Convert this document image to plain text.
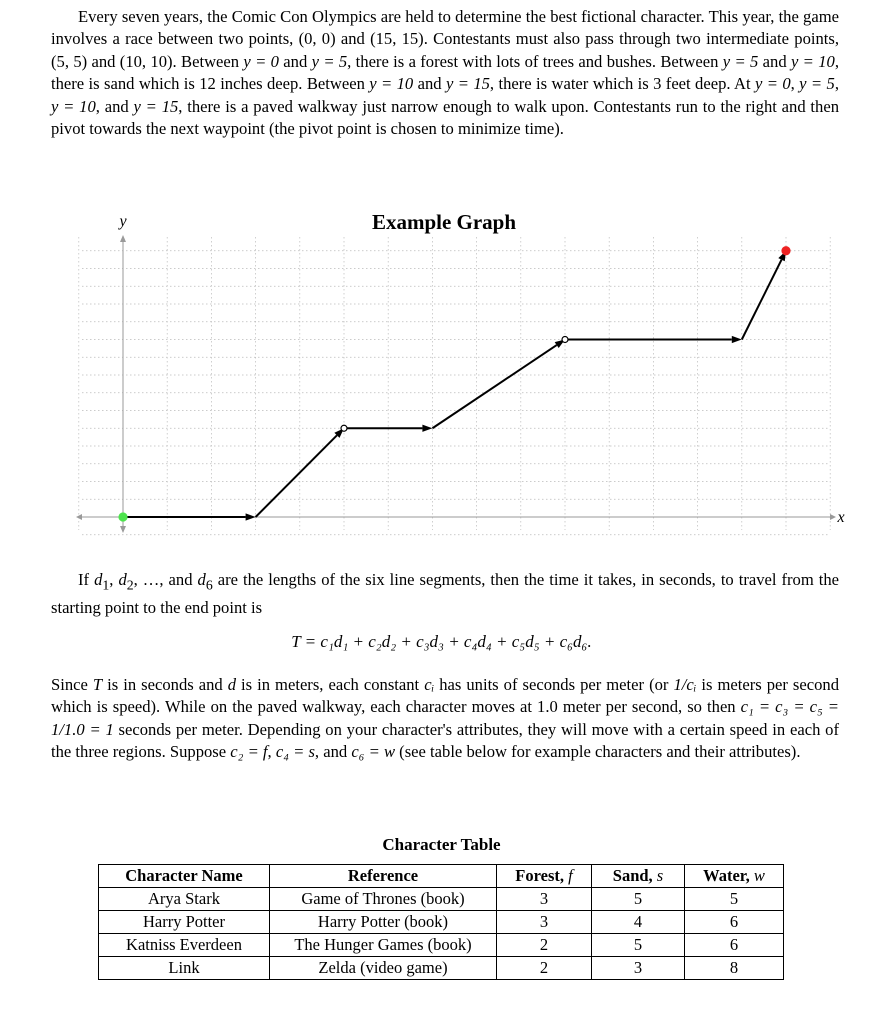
Every seven years, the Comic Con Olympics are held to determine the best fictional character. This year, the game involves a race between two points, (0, 0) and (15, 15). Contestants must also pass through two intermediate points, (5, 5) and (10, 10). Between y = 0 and y = 5, there is a forest with lots of trees and bushes. Between y = 5 and y = 10, there is sand which is 12 inches deep. Between y = 10 and y = 15, there is water which is 3 feet deep. At y = 0, y = 5, y = 10, and y = 15, there is a paved walkway just narrow enough to walk upon. Contestants run to the right and then pivot towards the next waypoint (the pivot point is chosen to minimize time).

Example Graph
y
x

If $d_1$, $d_2$, …, and $d_6$ are the lengths of the six line segments, then the time it takes, in seconds, to travel from the starting point to the end point is

T = c₁d₁ + c₂d₂ + c₃d₃ + c₄d₄ + c₅d₅ + c₆d₆.

Since T is in seconds and d is in meters, each constant cᵢ has units of seconds per meter (or 1/cᵢ is meters per second which is speed). While on the paved walkway, each character moves at 1.0 meter per second, so then c₁ = c₃ = c₅ = 1/1.0 = 1 seconds per meter. Depending on your character's attributes, they will move with a certain speed in each of the three regions. Suppose c₂ = f, c₄ = s, and c₆ = w (see table below for example characters and their attributes).

Character Table
Character Name	Reference	Forest, f	Sand, s	Water, w
Arya Stark	Game of Thrones (book)	3	5	5
Harry Potter	Harry Potter (book)	3	4	6
Katniss Everdeen	The Hunger Games (book)	2	5	6
Link	Zelda (video game)	2	3	8
